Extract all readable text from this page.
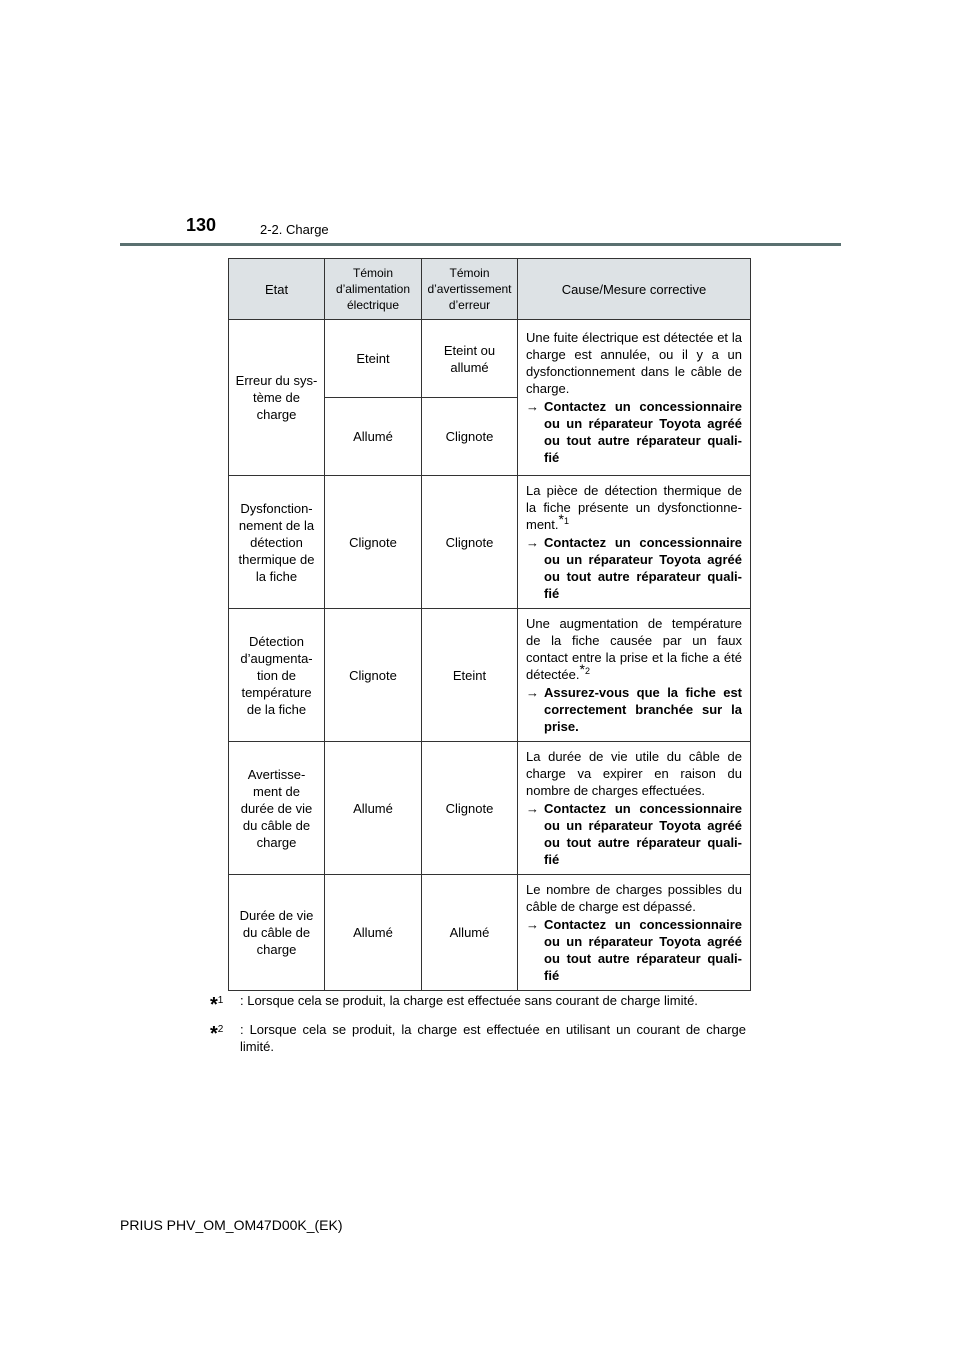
130	2-2. Charge
Etat	Témoin d’alimentation électrique	Témoin d’avertissement d’erreur	Cause/Mesure corrective
Erreur du sys-tème de charge	Eteint	Eteint ou allumé	Une fuite électrique est détectée et la charge est annulée, ou il y a un dysfonctionnement dans le câble de charge.
→ Contactez un concessionnaire ou un réparateur Toyota agréé ou tout autre réparateur quali-fié

	Allumé	Clignote	
Dysfonction-nement de la détection thermique de la fiche	Clignote	Clignote	La pièce de détection thermique de la fiche présente un dysfonctionne-ment.$^{*1}$
→ Contactez un concessionnaire ou un réparateur Toyota agréé ou tout autre réparateur quali-fié

Détection d’augmenta-tion de température de la fiche	Clignote	Eteint	Une augmentation de température de la fiche causée par un faux contact entre la prise et la fiche a été détectée.$^{*2}$
→ Assurez-vous que la fiche est correctement branchée sur la prise.

Avertisse-ment de durée de vie du câble de charge	Allumé	Clignote	La durée de vie utile du câble de charge va expirer en raison du nombre de charges effectuées.
→ Contactez un concessionnaire ou un réparateur Toyota agréé ou tout autre réparateur quali-fié

Durée de vie du câble de charge	Allumé	Allumé	Le nombre de charges possibles du câble de charge est dépassé.
→ Contactez un concessionnaire ou un réparateur Toyota agréé ou tout autre réparateur quali-fié
*$^1$	: Lorsque cela se produit, la charge est effectuée sans courant de charge limité.
*$^2$	: Lorsque cela se produit, la charge est effectuée en utilisant un courant de charge limité.
PRIUS PHV_OM_OM47D00K_(EK)
